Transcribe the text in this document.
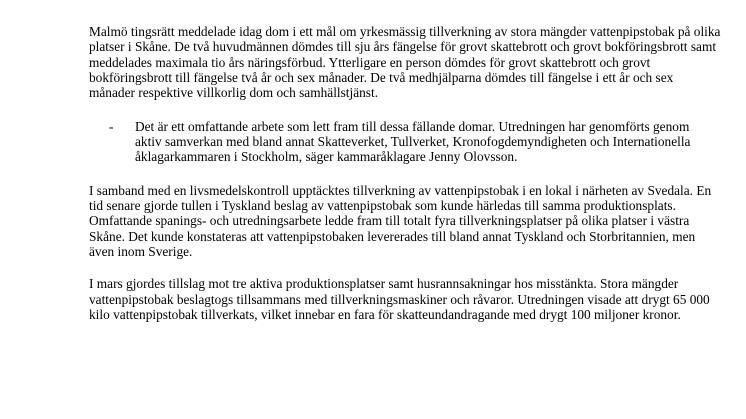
Malmö tingsrätt meddelade idag dom i ett mål om yrkesmässig tillverkning av stora mängder vattenpipstobak på olika platser i Skåne. De två huvudmännen dömdes till sju års fängelse för grovt skattebrott och grovt bokföringsbrott samt meddelades maximala tio års näringsförbud. Ytterligare en person dömdes för grovt skattebrott och grovt bokföringsbrott till fängelse två år och sex månader. De två medhjälparna dömdes till fängelse i ett år och sex månader respektive villkorlig dom och samhällstjänst.

-	Det är ett omfattande arbete som lett fram till dessa fällande domar. Utredningen har genomförts genom aktiv samverkan med bland annat Skatteverket, Tullverket, Kronofogdemyndigheten och Internationella åklagarkammaren i Stockholm, säger kammaråklagare Jenny Olovsson.

I samband med en livsmedelskontroll upptäcktes tillverkning av vattenpipstobak i en lokal i närheten av Svedala. En tid senare gjorde tullen i Tyskland beslag av vattenpipstobak som kunde härledas till samma produktionsplats. Omfattande spanings- och utredningsarbete ledde fram till totalt fyra tillverkningsplatser på olika platser i västra Skåne. Det kunde konstateras att vattenpipstobaken levererades till bland annat Tyskland och Storbritannien, men även inom Sverige.

I mars gjordes tillslag mot tre aktiva produktionsplatser samt husrannsakningar hos misstänkta. Stora mängder vattenpipstobak beslagtogs tillsammans med tillverkningsmaskiner och råvaror. Utredningen visade att drygt 65 000 kilo vattenpipstobak tillverkats, vilket innebar en fara för skatteundandragande med drygt 100 miljoner kronor.
